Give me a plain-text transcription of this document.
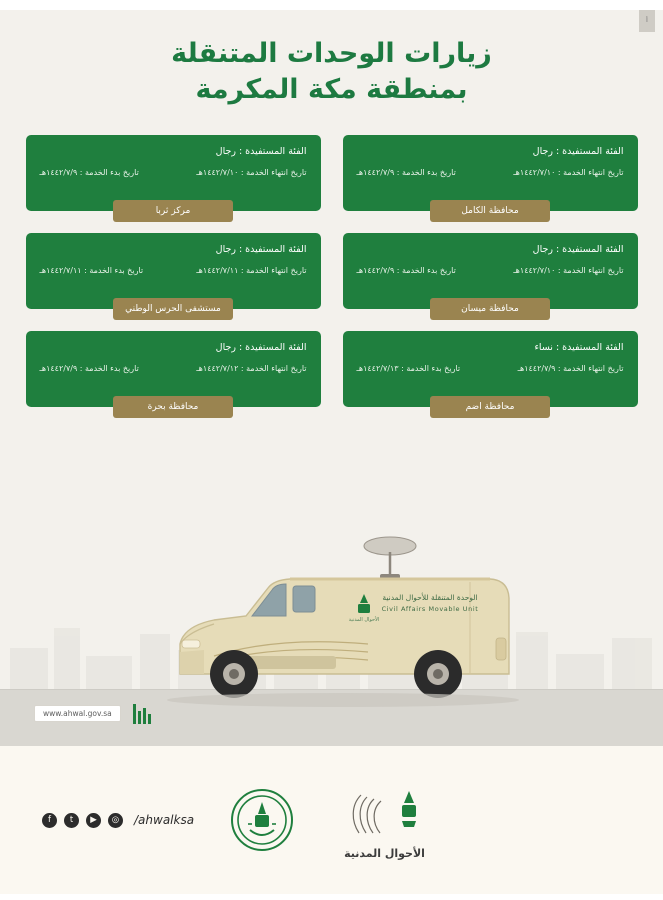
أ
زيارات الوحدات المتنقلة
بمنطقة مكة المكرمة
الفئة المستفيدة : رجال
تاريخ انتهاء الخدمة : ١٤٤٢/٧/١٠هـ
تاريخ بدء الخدمة : ١٤٤٢/٧/٩هـ
محافظة الكامل
الفئة المستفيدة : رجال
تاريخ انتهاء الخدمة : ١٤٤٢/٧/١٠هـ
تاريخ بدء الخدمة : ١٤٤٢/٧/٩هـ
مركز ثربا
الفئة المستفيدة : رجال
تاريخ انتهاء الخدمة : ١٤٤٢/٧/١٠هـ
تاريخ بدء الخدمة : ١٤٤٢/٧/٩هـ
محافظة ميسان
الفئة المستفيدة : رجال
تاريخ انتهاء الخدمة : ١٤٤٢/٧/١١هـ
تاريخ بدء الخدمة : ١٤٤٢/٧/١١هـ
مستشفى الحرس الوطني
الفئة المستفيدة : نساء
تاريخ انتهاء الخدمة : ١٤٤٢/٧/٩هـ
تاريخ بدء الخدمة : ١٤٤٢/٧/١٣هـ
محافظة اضم
الفئة المستفيدة : رجال
تاريخ انتهاء الخدمة : ١٤٤٢/٧/١٢هـ
تاريخ بدء الخدمة : ١٤٤٢/٧/٩هـ
محافظة بحرة
الأحوال المدنية
الوحدة المتنقلة للأحوال المدنية
Civil Affairs Movable Unit
www.ahwal.gov.sa
f	t	▶	◎	/ahwalksa
الأحوال المدنية
